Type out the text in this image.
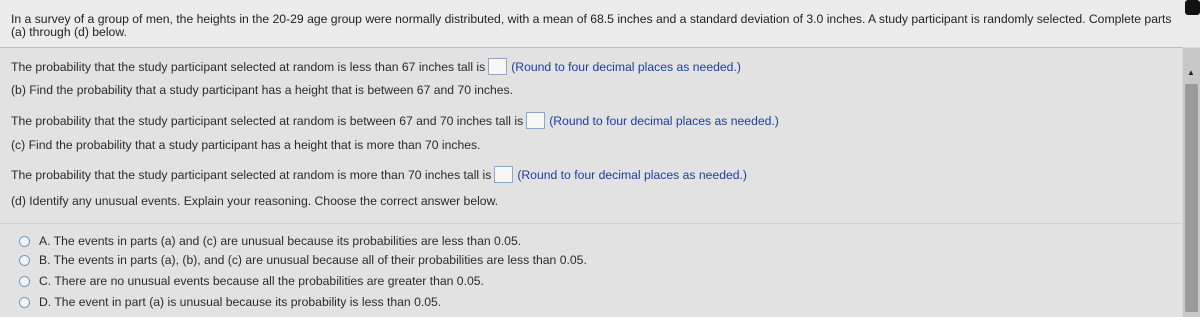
In a survey of a group of men, the heights in the 20-29 age group were normally distributed, with a mean of 68.5 inches and a standard deviation of 3.0 inches. A study participant is randomly selected. Complete parts (a) through (d) below.
The probability that the study participant selected at random is less than 67 inches tall is (Round to four decimal places as needed.)
(b) Find the probability that a study participant has a height that is between 67 and 70 inches.
The probability that the study participant selected at random is between 67 and 70 inches tall is (Round to four decimal places as needed.)
(c) Find the probability that a study participant has a height that is more than 70 inches.
The probability that the study participant selected at random is more than 70 inches tall is (Round to four decimal places as needed.)
(d) Identify any unusual events. Explain your reasoning. Choose the correct answer below.
A. The events in parts (a) and (c) are unusual because its probabilities are less than 0.05.
B. The events in parts (a), (b), and (c) are unusual because all of their probabilities are less than 0.05.
C. There are no unusual events because all the probabilities are greater than 0.05.
D. The event in part (a) is unusual because its probability is less than 0.05.
▲
